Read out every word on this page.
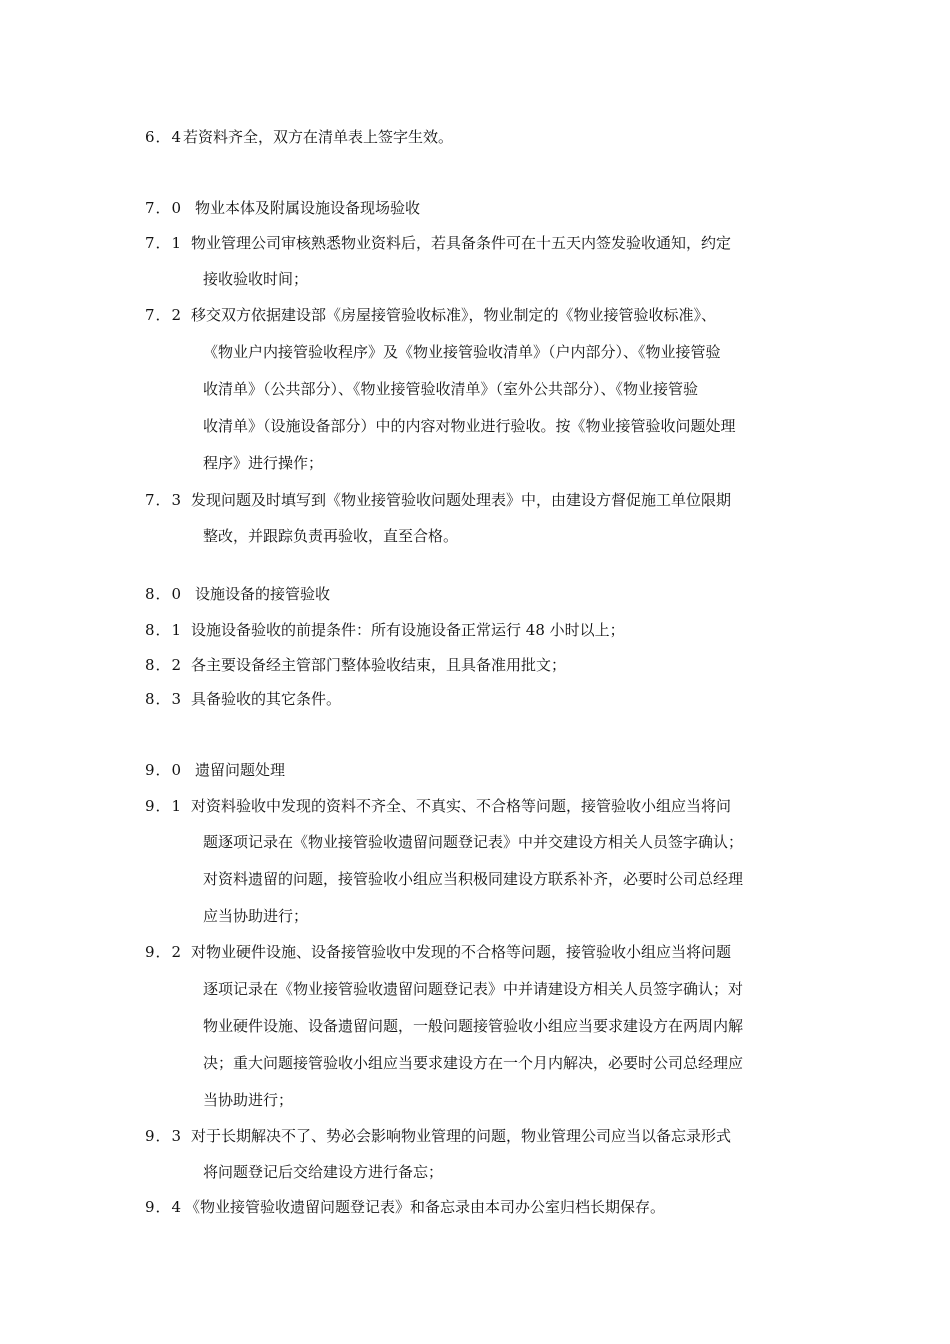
6．4若资料齐全，双方在清单表上签字生效。
7．0 物业本体及附属设施设备现场验收
7．1 物业管理公司审核熟悉物业资料后，若具备条件可在十五天内签发验收通知，约定
接收验收时间；
7．2 移交双方依据建设部《房屋接管验收标准》，物业制定的《物业接管验收标准》、
《物业户内接管验收程序》及《物业接管验收清单》（户内部分）、《物业接管验
收清单》（公共部分）、《物业接管验收清单》（室外公共部分）、《物业接管验
收清单》（设施设备部分）中的内容对物业进行验收。按《物业接管验收问题处理
程序》进行操作；
7．3 发现问题及时填写到《物业接管验收问题处理表》中，由建设方督促施工单位限期
整改，并跟踪负责再验收，直至合格。
8．0 设施设备的接管验收
8．1 设施设备验收的前提条件：所有设施设备正常运行 48 小时以上；
8．2 各主要设备经主管部门整体验收结束，且具备准用批文；
8．3 具备验收的其它条件。
9．0 遗留问题处理
9．1 对资料验收中发现的资料不齐全、不真实、不合格等问题，接管验收小组应当将问
题逐项记录在《物业接管验收遗留问题登记表》中并交建设方相关人员签字确认；
对资料遗留的问题，接管验收小组应当积极同建设方联系补齐，必要时公司总经理
应当协助进行；
9．2 对物业硬件设施、设备接管验收中发现的不合格等问题，接管验收小组应当将问题
逐项记录在《物业接管验收遗留问题登记表》中并请建设方相关人员签字确认；对
物业硬件设施、设备遗留问题，一般问题接管验收小组应当要求建设方在两周内解
决；重大问题接管验收小组应当要求建设方在一个月内解决，必要时公司总经理应
当协助进行；
9．3 对于长期解决不了、势必会影响物业管理的问题，物业管理公司应当以备忘录形式
将问题登记后交给建设方进行备忘；
9．4 《物业接管验收遗留问题登记表》和备忘录由本司办公室归档长期保存。
